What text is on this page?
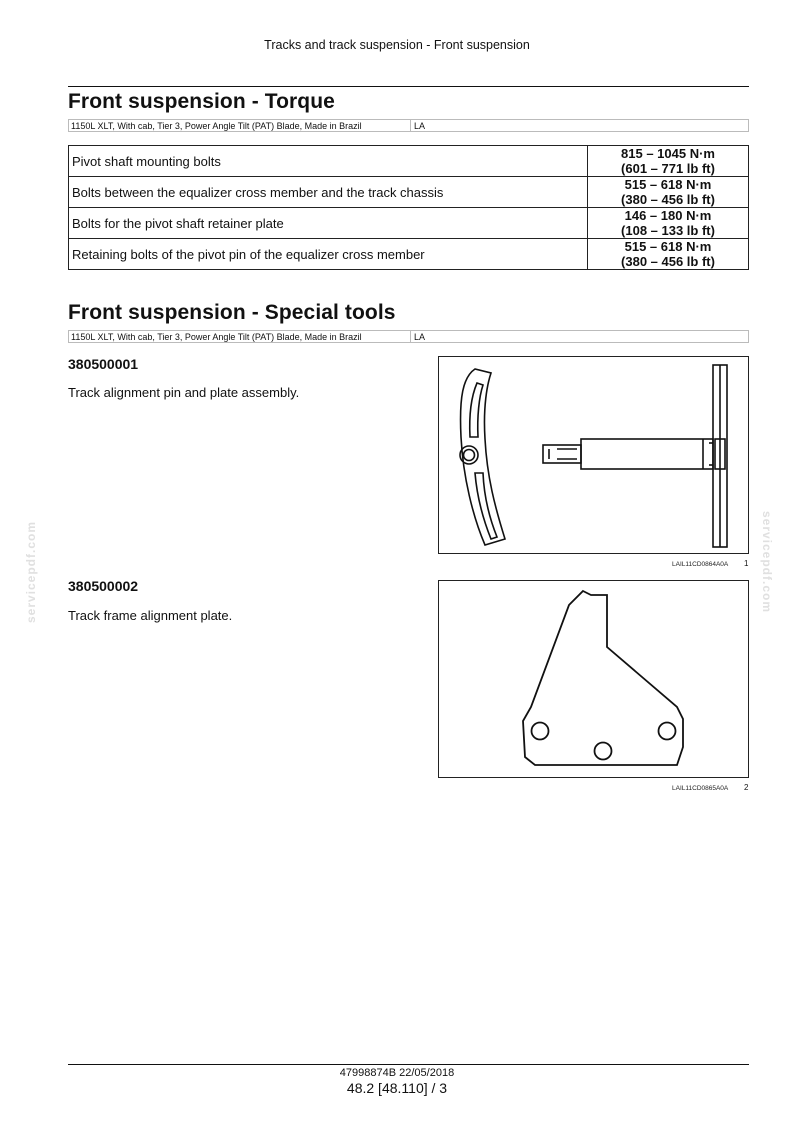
Tracks and track suspension - Front suspension
Front suspension - Torque
1150L XLT, With cab, Tier 3, Power Angle Tilt (PAT) Blade, Made in Brazil	LA
Pivot shaft mounting bolts	815 – 1045 N·m
(601 – 771 lb ft)
Bolts between the equalizer cross member and the track chassis	515 – 618 N·m
(380 – 456 lb ft)
Bolts for the pivot shaft retainer plate	146 – 180 N·m
(108 – 133 lb ft)
Retaining bolts of the pivot pin of the equalizer cross member	515 – 618 N·m
(380 – 456 lb ft)
Front suspension - Special tools
1150L XLT, With cab, Tier 3, Power Angle Tilt (PAT) Blade, Made in Brazil	LA
380500001
Track alignment pin and plate assembly.
LAIL11CD0864A0A 1
380500002
Track frame alignment plate.
LAIL11CD0865A0A 2
servicepdf.com	servicepdf.com
47998874B 22/05/2018
48.2 [48.110] / 3
